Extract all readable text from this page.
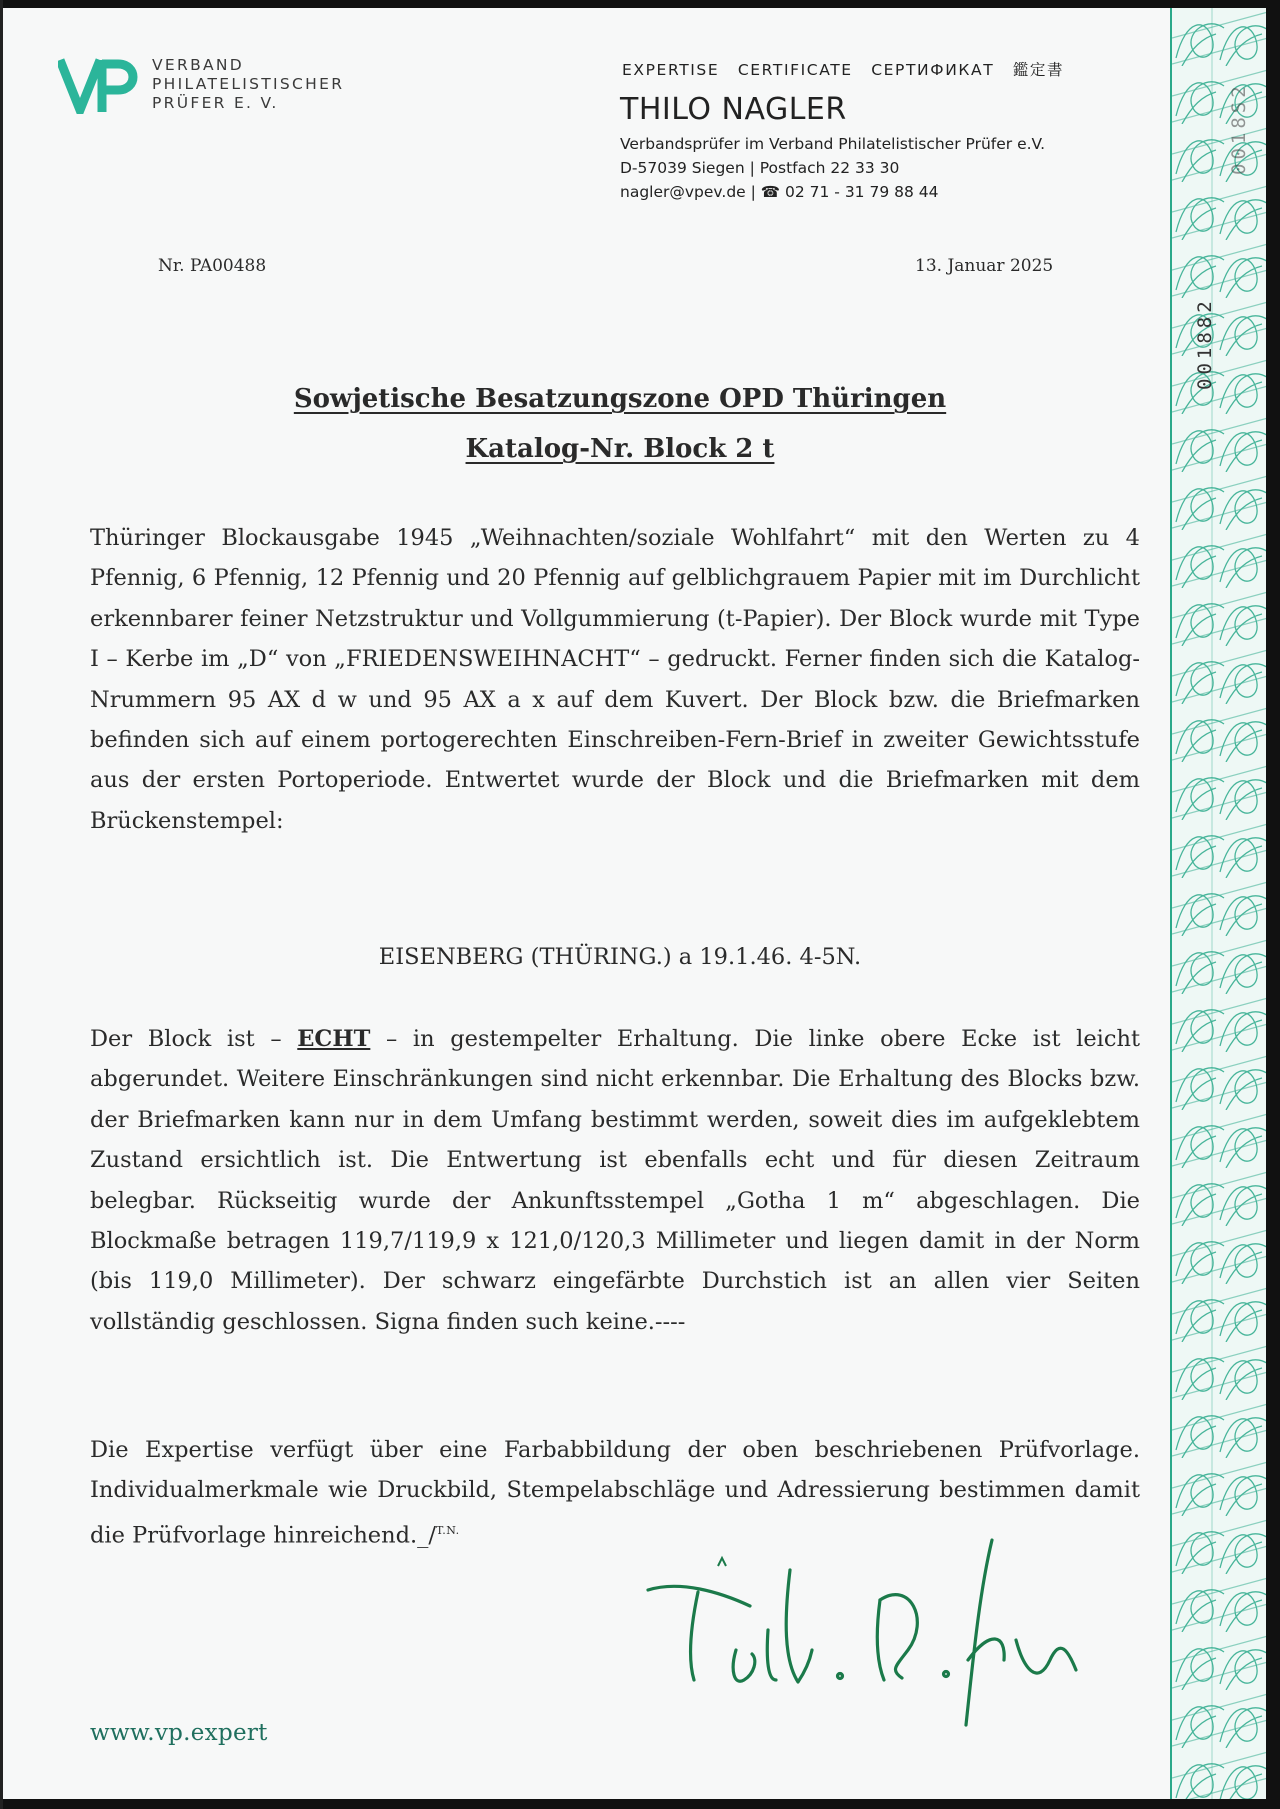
0018S2
001882
VERBAND
PHILATELISTISCHER
PRÜFER E. V.
EXPERTISE CERTIFICATE СЕРТИФИКАТ 鑑定書
THILO NAGLER
Verbandsprüfer im Verband Philatelistischer Prüfer e.V.
D-57039 Siegen | Postfach 22 33 30
nagler@vpev.de | ☎ 02 71 - 31 79 88 44
Nr. PA00488	13. Januar 2025
Sowjetische Besatzungszone OPD Thüringen
Katalog-Nr. Block 2 t
Thüringer Blockausgabe 1945 „Weihnachten/soziale Wohlfahrt“ mit den Werten zu 4 Pfennig, 6 Pfennig, 12 Pfennig und 20 Pfennig auf gelblichgrauem Papier mit im Durchlicht erkennbarer feiner Netzstruktur und Vollgummierung (t-Papier). Der Block wurde mit Type I – Kerbe im „D“ von „FRIEDENSWEIHNACHT“ – gedruckt. Ferner finden sich die Katalog-Nrummern 95 AX d w und 95 AX a x auf dem Kuvert. Der Block bzw. die Briefmarken befinden sich auf einem portogerechten Einschreiben-Fern-Brief in zweiter Gewichtsstufe aus der ersten Portoperiode. Entwertet wurde der Block und die Briefmarken mit dem Brückenstempel:
EISENBERG (THÜRING.) a 19.1.46. 4-5N.
Der Block ist – ECHT – in gestempelter Erhaltung. Die linke obere Ecke ist leicht abgerundet. Weitere Einschränkungen sind nicht erkennbar. Die Erhaltung des Blocks bzw. der Briefmarken kann nur in dem Umfang bestimmt werden, soweit dies im aufgeklebtem Zustand ersichtlich ist. Die Entwertung ist ebenfalls echt und für diesen Zeitraum belegbar. Rückseitig wurde der Ankunftsstempel „Gotha 1 m“ abgeschlagen. Die Blockmaße betragen 119,7/119,9 x 121,0/120,3 Millimeter und liegen damit in der Norm (bis 119,0 Millimeter). Der schwarz eingefärbte Durchstich ist an allen vier Seiten vollständig geschlossen. Signa finden such keine.----
Die Expertise verfügt über eine Farbabbildung der oben beschriebenen Prüfvorlage. Individualmerkmale wie Druckbild, Stempelabschläge und Adressierung bestimmen damit die Prüfvorlage hinreichend._/$^{T.N.}$
www.vp.expert
